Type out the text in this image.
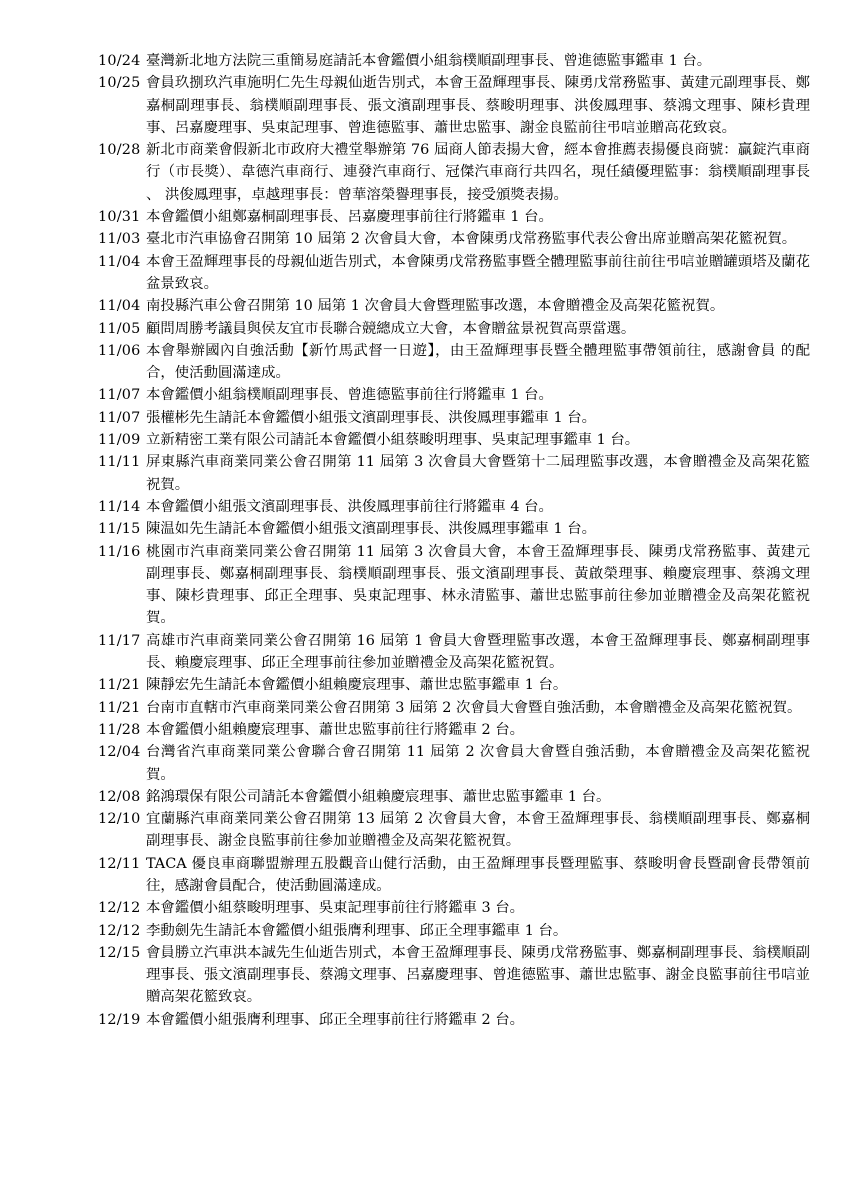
10/24 臺灣新北地方法院三重簡易庭請託本會鑑價小組翁樸順副理事長、曾進德監事鑑車 1 台。
10/25 會員玖捌玖汽車施明仁先生母親仙逝告別式，本會王盈輝理事長、陳勇戊常務監事、黃建元副理事長、鄭嘉桐副理事長、翁樸順副理事長、張文濱副理事長、蔡畯明理事、洪俊鳳理事、蔡鴻文理事、陳杉貴理事、呂嘉慶理事、吳東記理事、曾進德監事、蕭世忠監事、謝金良監前往弔唁並贈高花致哀。
10/28 新北市商業會假新北市政府大禮堂舉辦第 76 屆商人節表揚大會，經本會推薦表揚優良商號：贏錠汽車商行（市長獎）、韋德汽車商行、連發汽車商行、冠傑汽車商行共四名，現任績優理監事：翁樸順副理事長 、 洪俊鳳理事，卓越理事長：曾華溶榮譽理事長，接受頒獎表揚。
10/31 本會鑑價小組鄭嘉桐副理事長、呂嘉慶理事前往行將鑑車 1 台。
11/03 臺北市汽車協會召開第 10 屆第 2 次會員大會，本會陳勇戊常務監事代表公會出席並贈高架花籃祝賀。
11/04 本會王盈輝理事長的母親仙逝告別式，本會陳勇戊常務監事暨全體理監事前往前往弔唁並贈罐頭塔及蘭花盆景致哀。
11/04 南投縣汽車公會召開第 10 屆第 1 次會員大會暨理監事改選，本會贈禮金及高架花籃祝賀。
11/05 顧問周勝考議員與侯友宜市長聯合競總成立大會，本會贈盆景祝賀高票當選。
11/06 本會舉辦國內自強活動【新竹馬武督一日遊】，由王盈輝理事長暨全體理監事帶領前往，感謝會員 的配合，使活動圓滿達成。
11/07 本會鑑價小組翁樸順副理事長、曾進德監事前往行將鑑車 1 台。
11/07 張權彬先生請託本會鑑價小組張文濱副理事長、洪俊鳳理事鑑車 1 台。
11/09 立新精密工業有限公司請託本會鑑價小組蔡畯明理事、吳東記理事鑑車 1 台。
11/11 屏東縣汽車商業同業公會召開第 11 屆第 3 次會員大會暨第十二屆理監事改選，本會贈禮金及高架花籃祝賀。
11/14 本會鑑價小組張文濱副理事長、洪俊鳳理事前往行將鑑車 4 台。
11/15 陳温如先生請託本會鑑價小組張文濱副理事長、洪俊鳳理事鑑車 1 台。
11/16 桃園市汽車商業同業公會召開第 11 屆第 3 次會員大會，本會王盈輝理事長、陳勇戊常務監事、黃建元副理事長、鄭嘉桐副理事長、翁樸順副理事長、張文濱副理事長、黃啟榮理事、賴慶宸理事、蔡鴻文理事、陳杉貴理事、邱正全理事、吳東記理事、林永清監事、蕭世忠監事前往參加並贈禮金及高架花籃祝賀。
11/17 高雄市汽車商業同業公會召開第 16 屆第 1 會員大會暨理監事改選，本會王盈輝理事長、鄭嘉桐副理事長、賴慶宸理事、邱正全理事前往參加並贈禮金及高架花籃祝賀。
11/21 陳靜宏先生請託本會鑑價小組賴慶宸理事、蕭世忠監事鑑車 1 台。
11/21 台南市直轄市汽車商業同業公會召開第 3 屆第 2 次會員大會暨自強活動，本會贈禮金及高架花籃祝賀。
11/28 本會鑑價小組賴慶宸理事、蕭世忠監事前往行將鑑車 2 台。
12/04 台灣省汽車商業同業公會聯合會召開第 11 屆第 2 次會員大會暨自強活動，本會贈禮金及高架花籃祝賀。
12/08 銘鴻環保有限公司請託本會鑑價小組賴慶宸理事、蕭世忠監事鑑車 1 台。
12/10 宜蘭縣汽車商業同業公會召開第 13 屆第 2 次會員大會，本會王盈輝理事長、翁樸順副理事長、鄭嘉桐副理事長、謝金良監事前往參加並贈禮金及高架花籃祝賀。
12/11 TACA 優良車商聯盟辦理五股觀音山健行活動，由王盈輝理事長暨理監事、蔡畯明會長暨副會長帶領前往，感謝會員配合，使活動圓滿達成。
12/12 本會鑑價小組蔡畯明理事、吳東記理事前往行將鑑車 3 台。
12/12 李動劍先生請託本會鑑價小組張膺利理事、邱正全理事鑑車 1 台。
12/15 會員勝立汽車洪本誠先生仙逝告別式，本會王盈輝理事長、陳勇戊常務監事、鄭嘉桐副理事長、翁樸順副理事長、張文濱副理事長、蔡鴻文理事、呂嘉慶理事、曾進德監事、蕭世忠監事、謝金良監事前往弔唁並贈高架花籃致哀。
12/19 本會鑑價小組張膺利理事、邱正全理事前往行將鑑車 2 台。
